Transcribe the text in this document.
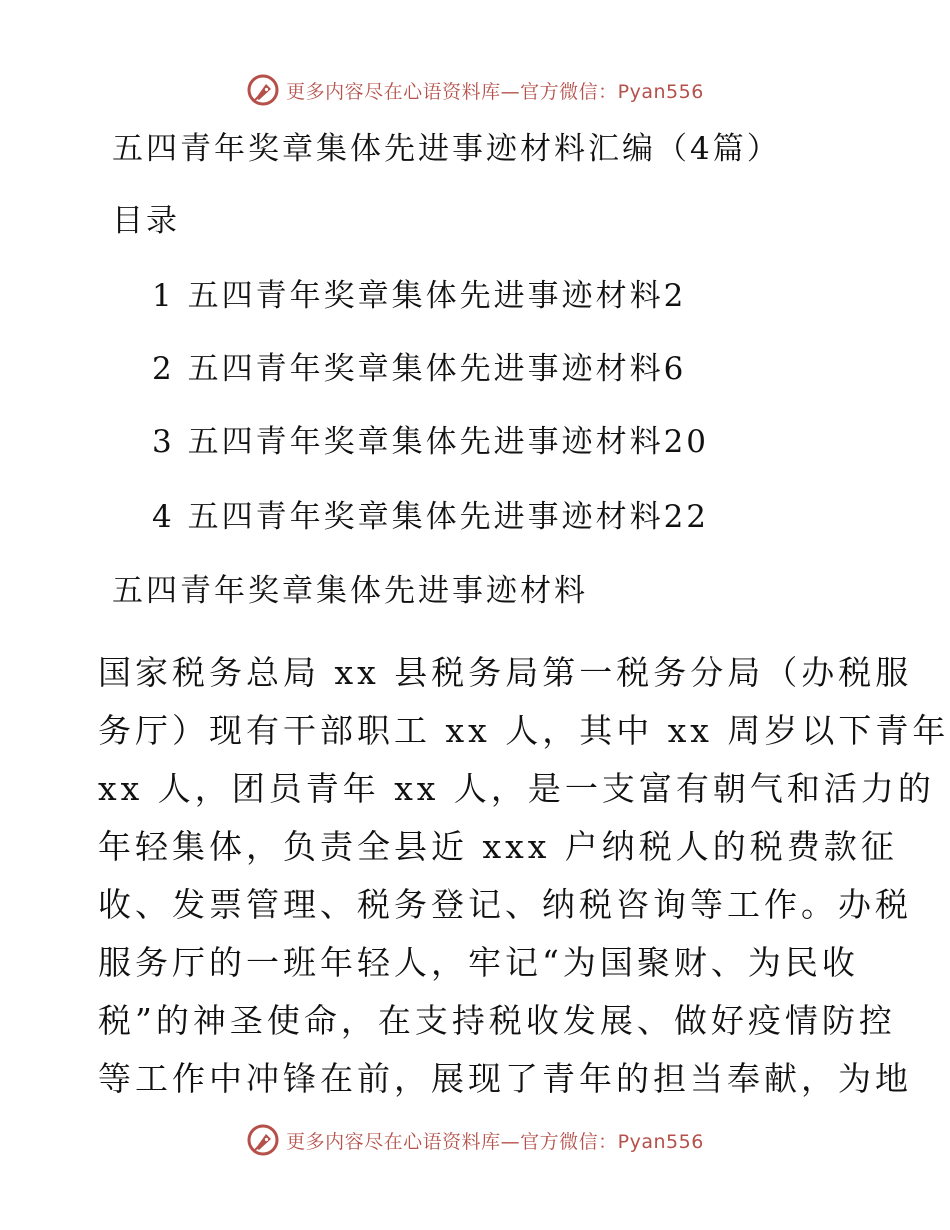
更多内容尽在心语资料库—官方微信：Pyan556
五四青年奖章集体先进事迹材料汇编（4篇）
目录
1 五四青年奖章集体先进事迹材料2
2 五四青年奖章集体先进事迹材料6
3 五四青年奖章集体先进事迹材料20
4 五四青年奖章集体先进事迹材料22
五四青年奖章集体先进事迹材料
国家税务总局 xx 县税务局第一税务分局（办税服
务厅）现有干部职工 xx 人，其中 xx 周岁以下青年
xx 人，团员青年 xx 人，是一支富有朝气和活力的
年轻集体，负责全县近 xxx 户纳税人的税费款征
收、发票管理、税务登记、纳税咨询等工作。办税
服务厅的一班年轻人，牢记“为国聚财、为民收
税”的神圣使命，在支持税收发展、做好疫情防控
等工作中冲锋在前，展现了青年的担当奉献，为地
更多内容尽在心语资料库—官方微信：Pyan556
